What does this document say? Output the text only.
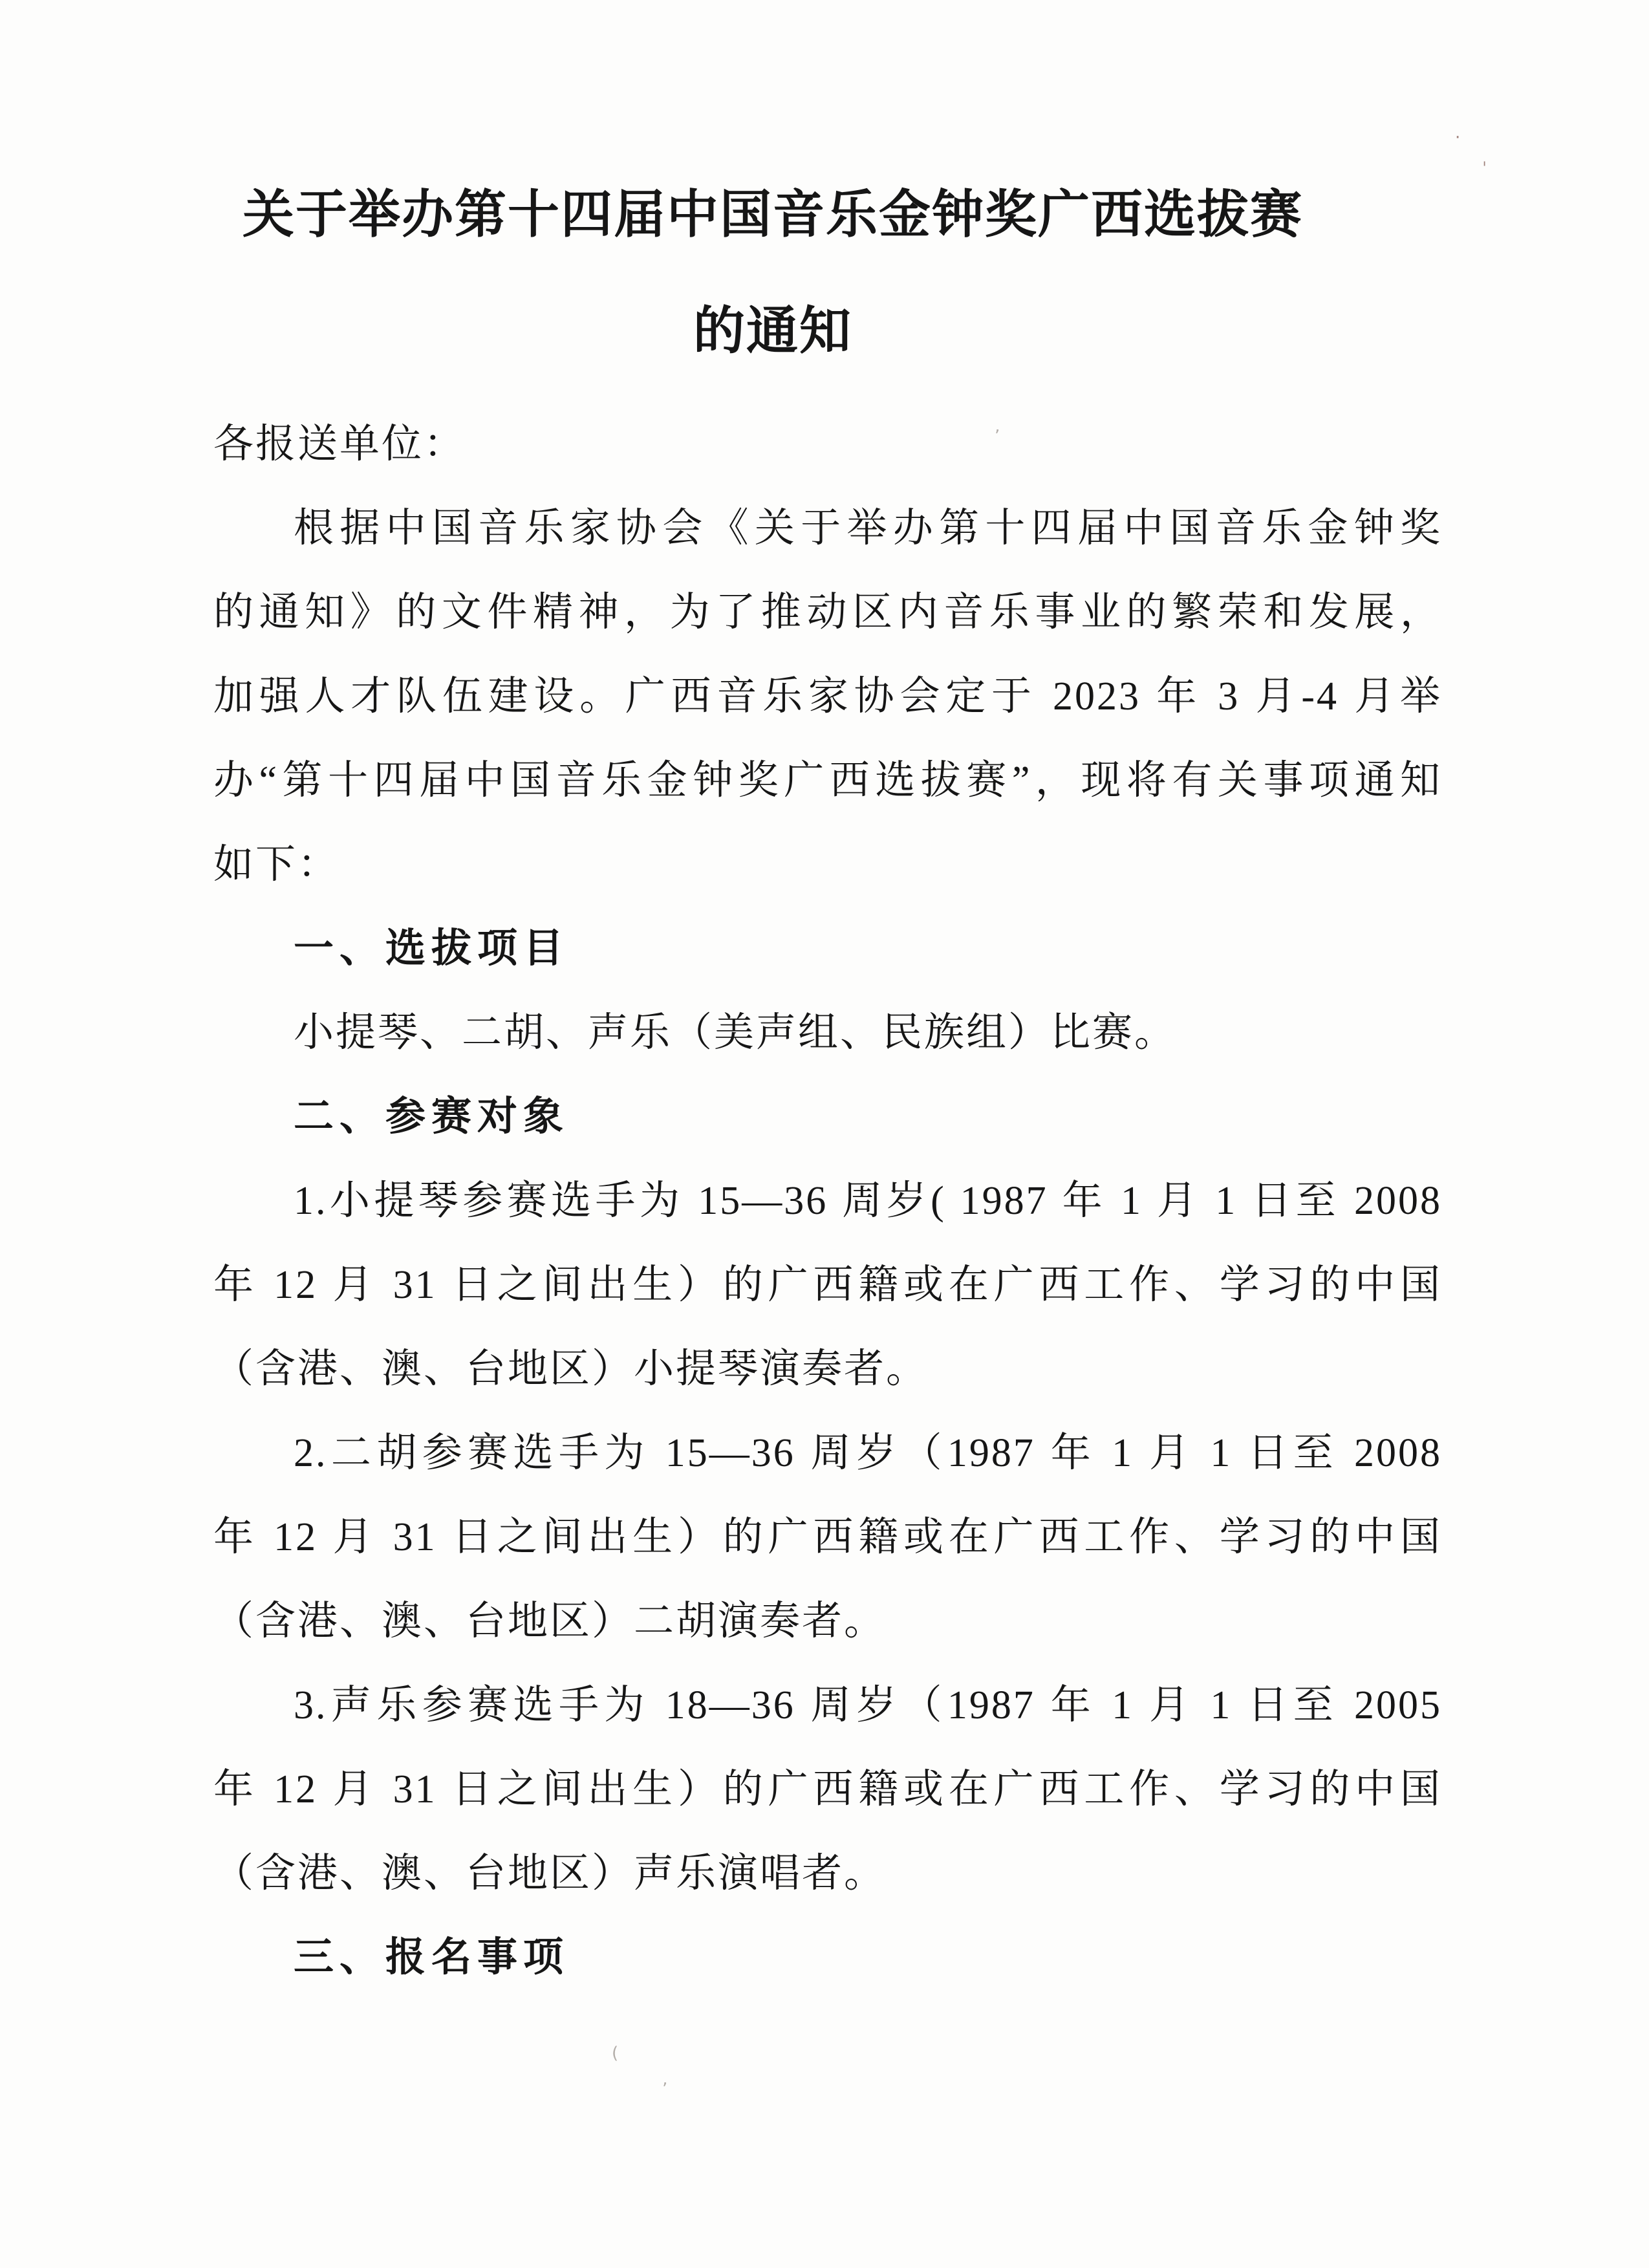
关于举办第十四届中国音乐金钟奖广西选拔赛
的通知
各报送单位：
根据中国音乐家协会《关于举办第十四届中国音乐金钟奖
的通知》的文件精神，为了推动区内音乐事业的繁荣和发展，
加强人才队伍建设。广西音乐家协会定于 2023 年 3 月-4 月举
办“第十四届中国音乐金钟奖广西选拔赛”，现将有关事项通知
如下：
一、选拔项目
小提琴、二胡、声乐（美声组、民族组）比赛。
二、参赛对象
1.小提琴参赛选手为 15—36 周岁( 1987 年 1 月 1 日至 2008
年 12 月 31 日之间出生）的广西籍或在广西工作、学习的中国
（含港、澳、台地区）小提琴演奏者。
2.二胡参赛选手为 15—36 周岁（1987 年 1 月 1 日至 2008
年 12 月 31 日之间出生）的广西籍或在广西工作、学习的中国
（含港、澳、台地区）二胡演奏者。
3.声乐参赛选手为 18—36 周岁（1987 年 1 月 1 日至 2005
年 12 月 31 日之间出生）的广西籍或在广西工作、学习的中国
（含港、澳、台地区）声乐演唱者。
三、报名事项
·
ˈ
’
(
’
